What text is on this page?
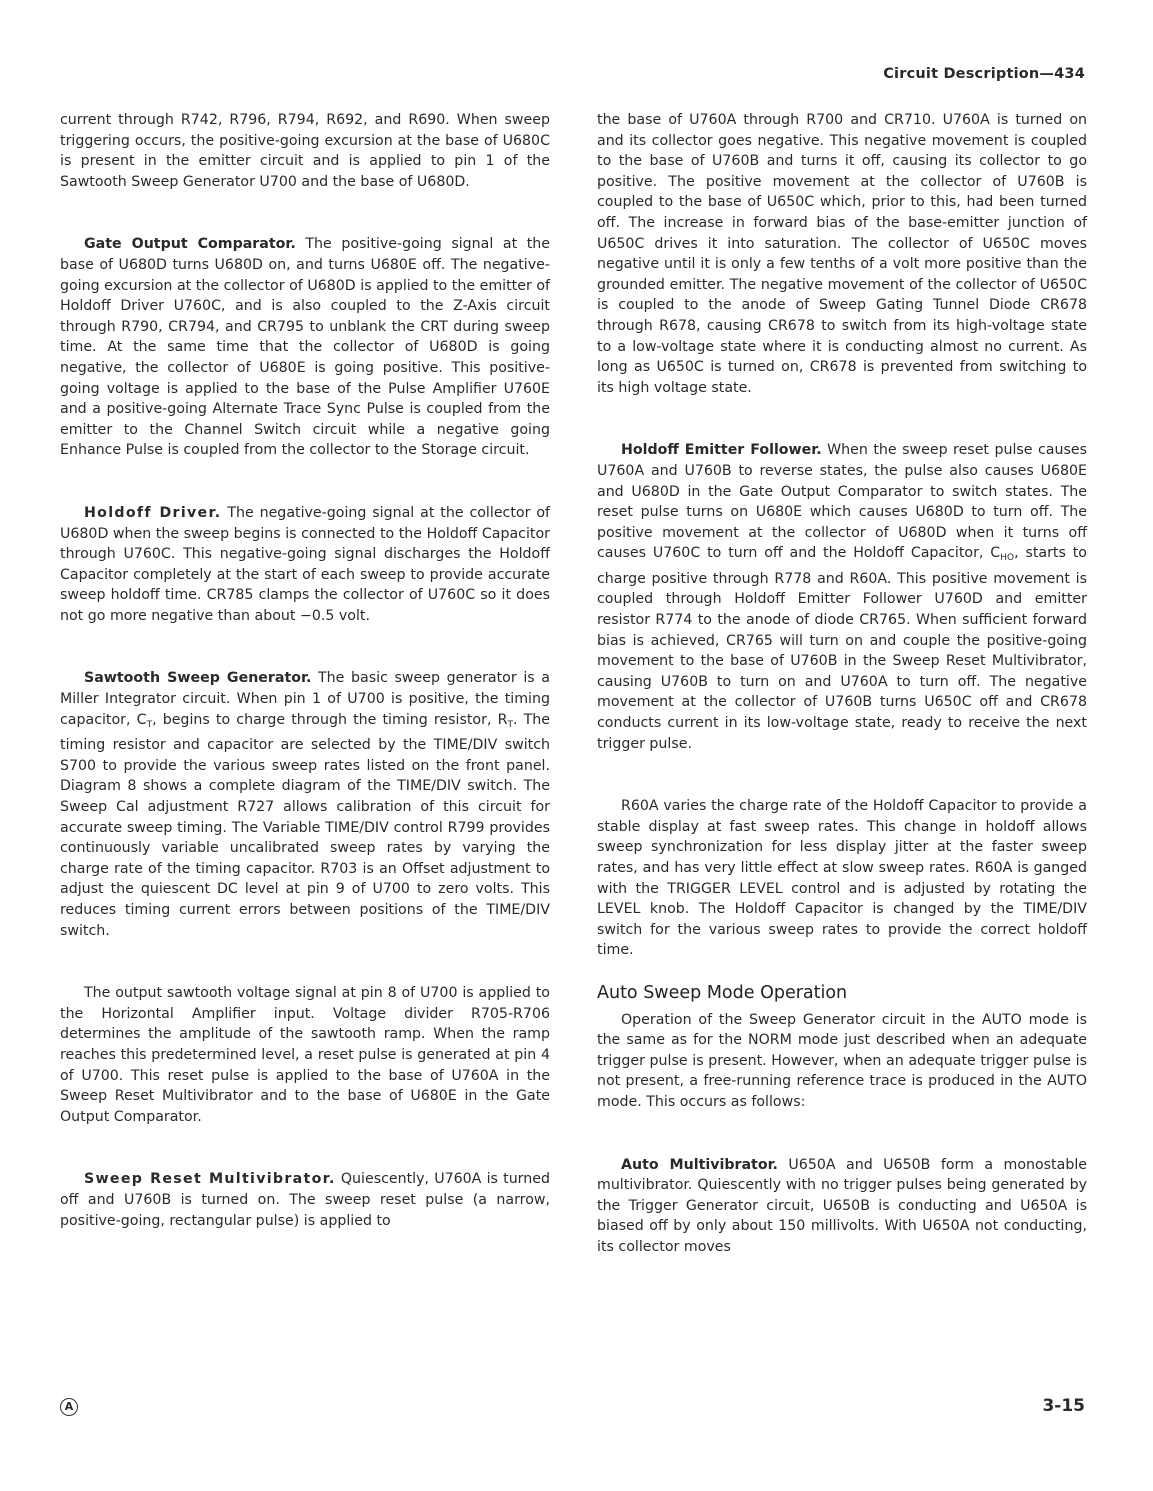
Circuit Description—434

current through R742, R796, R794, R692, and R690. When sweep triggering occurs, the positive-going excursion at the base of U680C is present in the emitter circuit and is applied to pin 1 of the Sawtooth Sweep Generator U700 and the base of U680D.

Gate Output Comparator. The positive-going signal at the base of U680D turns U680D on, and turns U680E off. The negative-going excursion at the collector of U680D is applied to the emitter of Holdoff Driver U760C, and is also coupled to the Z-Axis circuit through R790, CR794, and CR795 to unblank the CRT during sweep time. At the same time that the collector of U680D is going negative, the collector of U680E is going positive. This positive-going voltage is applied to the base of the Pulse Amplifier U760E and a positive-going Alternate Trace Sync Pulse is coupled from the emitter to the Channel Switch circuit while a negative going Enhance Pulse is coupled from the collector to the Storage circuit.

Holdoff Driver. The negative-going signal at the collector of U680D when the sweep begins is connected to the Holdoff Capacitor through U760C. This negative-going signal discharges the Holdoff Capacitor completely at the start of each sweep to provide accurate sweep holdoff time. CR785 clamps the collector of U760C so it does not go more negative than about −0.5 volt.

Sawtooth Sweep Generator. The basic sweep generator is a Miller Integrator circuit. When pin 1 of U700 is positive, the timing capacitor, $C_T$, begins to charge through the timing resistor, $R_T$. The timing resistor and capacitor are selected by the TIME/DIV switch S700 to provide the various sweep rates listed on the front panel. Diagram 8 shows a complete diagram of the TIME/DIV switch. The Sweep Cal adjustment R727 allows calibration of this circuit for accurate sweep timing. The Variable TIME/DIV control R799 provides continuously variable uncalibrated sweep rates by varying the charge rate of the timing capacitor. R703 is an Offset adjustment to adjust the quiescent DC level at pin 9 of U700 to zero volts. This reduces timing current errors between positions of the TIME/DIV switch.

The output sawtooth voltage signal at pin 8 of U700 is applied to the Horizontal Amplifier input. Voltage divider R705-R706 determines the amplitude of the sawtooth ramp. When the ramp reaches this predetermined level, a reset pulse is generated at pin 4 of U700. This reset pulse is applied to the base of U760A in the Sweep Reset Multivibrator and to the base of U680E in the Gate Output Comparator.

Sweep Reset Multivibrator. Quiescently, U760A is turned off and U760B is turned on. The sweep reset pulse (a narrow, positive-going, rectangular pulse) is applied to

the base of U760A through R700 and CR710. U760A is turned on and its collector goes negative. This negative movement is coupled to the base of U760B and turns it off, causing its collector to go positive. The positive movement at the collector of U760B is coupled to the base of U650C which, prior to this, had been turned off. The increase in forward bias of the base-emitter junction of U650C drives it into saturation. The collector of U650C moves negative until it is only a few tenths of a volt more positive than the grounded emitter. The negative movement of the collector of U650C is coupled to the anode of Sweep Gating Tunnel Diode CR678 through R678, causing CR678 to switch from its high-voltage state to a low-voltage state where it is conducting almost no current. As long as U650C is turned on, CR678 is prevented from switching to its high voltage state.

Holdoff Emitter Follower. When the sweep reset pulse causes U760A and U760B to reverse states, the pulse also causes U680E and U680D in the Gate Output Comparator to switch states. The reset pulse turns on U680E which causes U680D to turn off. The positive movement at the collector of U680D when it turns off causes U760C to turn off and the Holdoff Capacitor, $C_{HO}$, starts to charge positive through R778 and R60A. This positive movement is coupled through Holdoff Emitter Follower U760D and emitter resistor R774 to the anode of diode CR765. When sufficient forward bias is achieved, CR765 will turn on and couple the positive-going movement to the base of U760B in the Sweep Reset Multivibrator, causing U760B to turn on and U760A to turn off. The negative movement at the collector of U760B turns U650C off and CR678 conducts current in its low-voltage state, ready to receive the next trigger pulse.

R60A varies the charge rate of the Holdoff Capacitor to provide a stable display at fast sweep rates. This change in holdoff allows sweep synchronization for less display jitter at the faster sweep rates, and has very little effect at slow sweep rates. R60A is ganged with the TRIGGER LEVEL control and is adjusted by rotating the LEVEL knob. The Holdoff Capacitor is changed by the TIME/DIV switch for the various sweep rates to provide the correct holdoff time.

Auto Sweep Mode Operation

Operation of the Sweep Generator circuit in the AUTO mode is the same as for the NORM mode just described when an adequate trigger pulse is present. However, when an adequate trigger pulse is not present, a free-running reference trace is produced in the AUTO mode. This occurs as follows:

Auto Multivibrator. U650A and U650B form a monostable multivibrator. Quiescently with no trigger pulses being generated by the Trigger Generator circuit, U650B is conducting and U650A is biased off by only about 150 millivolts. With U650A not conducting, its collector moves

A	3-15
